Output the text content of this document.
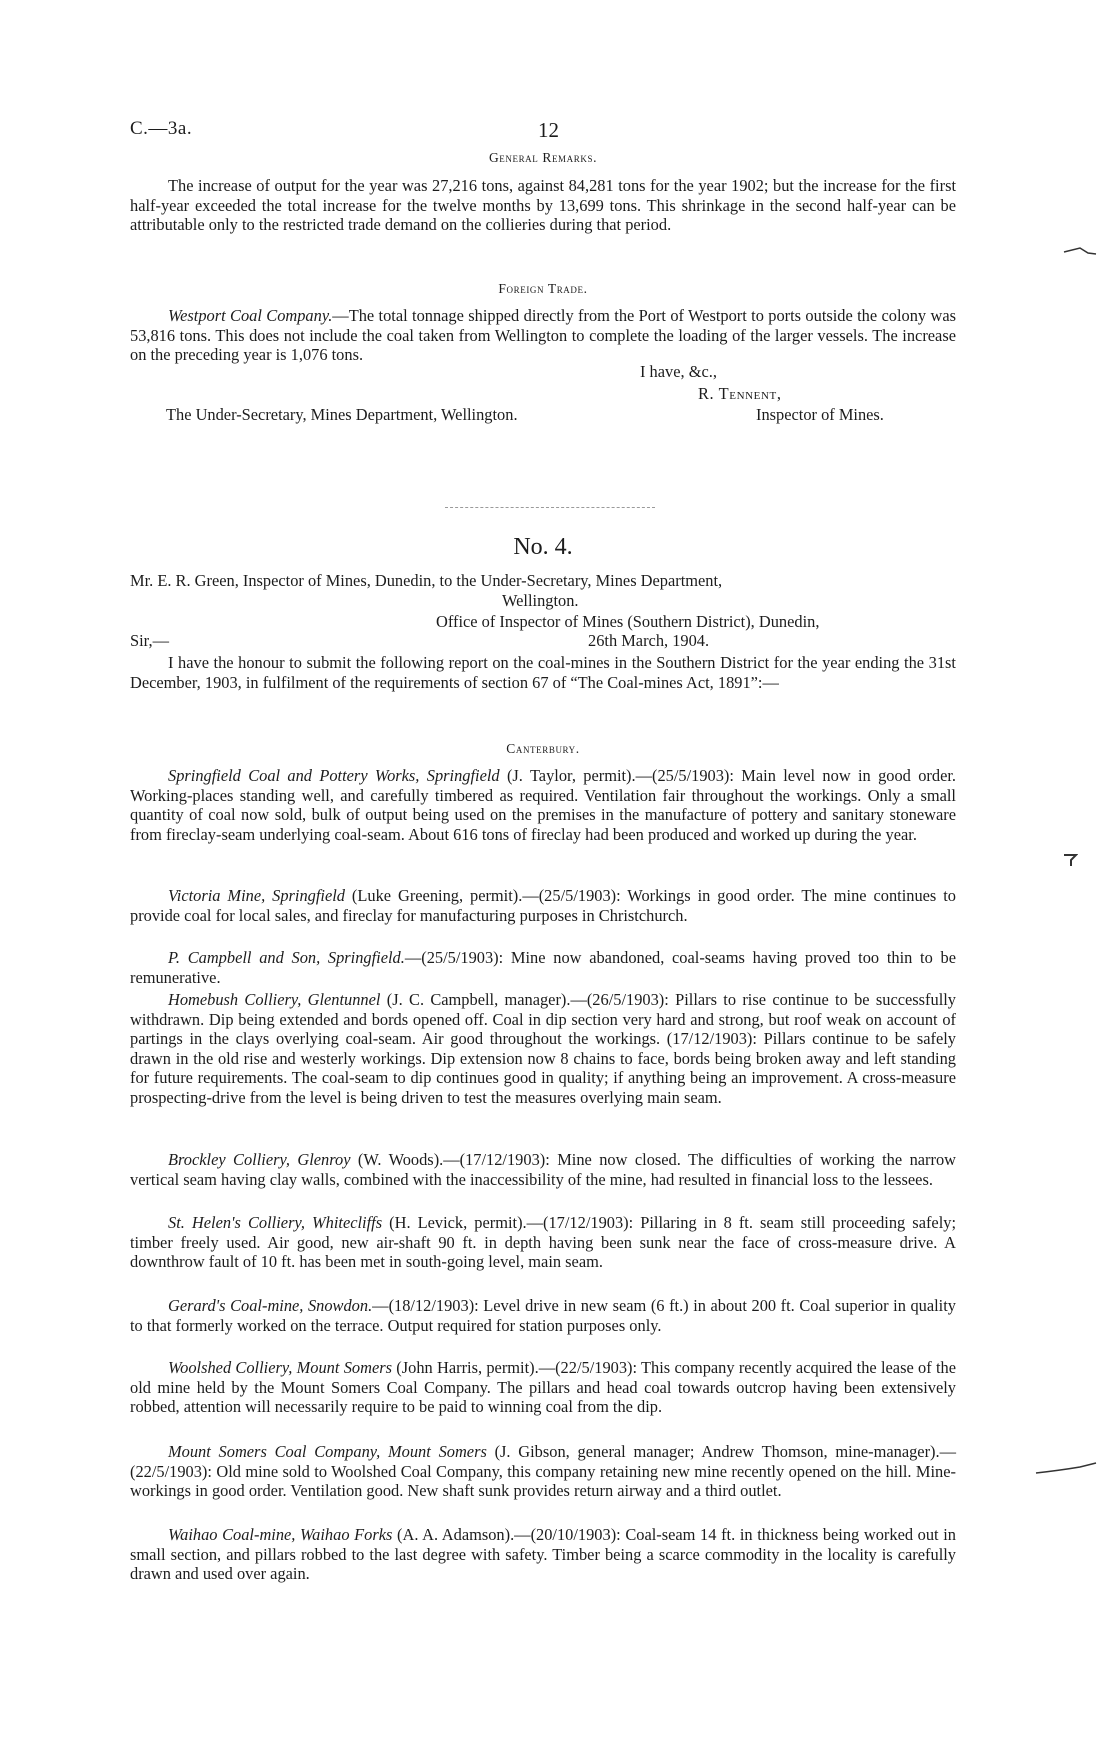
C.—3a.	12
General Remarks.

The increase of output for the year was 27,216 tons, against 84,281 tons for the year 1902; but the increase for the first half-year exceeded the total increase for the twelve months by 13,699 tons. This shrinkage in the second half-year can be attributable only to the restricted trade demand on the collieries during that period.

Foreign Trade.

Westport Coal Company.—The total tonnage shipped directly from the Port of Westport to ports outside the colony was 53,816 tons. This does not include the coal taken from Wellington to complete the loading of the larger vessels. The increase on the preceding year is 1,076 tons.

I have, &c.,
R. Tennent,
The Under-Secretary, Mines Department, Wellington.	Inspector of Mines.
No. 4.
Mr. E. R. Green, Inspector of Mines, Dunedin, to the Under-Secretary, Mines Department,
Wellington.
Office of Inspector of Mines (Southern District), Dunedin,
Sir,—	26th March, 1904.

I have the honour to submit the following report on the coal-mines in the Southern District for the year ending the 31st December, 1903, in fulfilment of the requirements of section 67 of “The Coal-mines Act, 1891”:—

Canterbury.

Springfield Coal and Pottery Works, Springfield (J. Taylor, permit).—(25/5/1903): Main level now in good order. Working-places standing well, and carefully timbered as required. Ventilation fair throughout the workings. Only a small quantity of coal now sold, bulk of output being used on the premises in the manufacture of pottery and sanitary stoneware from fireclay-seam underlying coal-seam. About 616 tons of fireclay had been produced and worked up during the year.

Victoria Mine, Springfield (Luke Greening, permit).—(25/5/1903): Workings in good order. The mine continues to provide coal for local sales, and fireclay for manufacturing purposes in Christchurch.

P. Campbell and Son, Springfield.—(25/5/1903): Mine now abandoned, coal-seams having proved too thin to be remunerative.

Homebush Colliery, Glentunnel (J. C. Campbell, manager).—(26/5/1903): Pillars to rise continue to be successfully withdrawn. Dip being extended and bords opened off. Coal in dip section very hard and strong, but roof weak on account of partings in the clays overlying coal-seam. Air good throughout the workings. (17/12/1903): Pillars continue to be safely drawn in the old rise and westerly workings. Dip extension now 8 chains to face, bords being broken away and left standing for future requirements. The coal-seam to dip continues good in quality; if anything being an improvement. A cross-measure prospecting-drive from the level is being driven to test the measures overlying main seam.

Brockley Colliery, Glenroy (W. Woods).—(17/12/1903): Mine now closed. The difficulties of working the narrow vertical seam having clay walls, combined with the inaccessibility of the mine, had resulted in financial loss to the lessees.

St. Helen's Colliery, Whitecliffs (H. Levick, permit).—(17/12/1903): Pillaring in 8 ft. seam still proceeding safely; timber freely used. Air good, new air-shaft 90 ft. in depth having been sunk near the face of cross-measure drive. A downthrow fault of 10 ft. has been met in south-going level, main seam.

Gerard's Coal-mine, Snowdon.—(18/12/1903): Level drive in new seam (6 ft.) in about 200 ft. Coal superior in quality to that formerly worked on the terrace. Output required for station purposes only.

Woolshed Colliery, Mount Somers (John Harris, permit).—(22/5/1903): This company recently acquired the lease of the old mine held by the Mount Somers Coal Company. The pillars and head coal towards outcrop having been extensively robbed, attention will necessarily require to be paid to winning coal from the dip.

Mount Somers Coal Company, Mount Somers (J. Gibson, general manager; Andrew Thomson, mine-manager).—(22/5/1903): Old mine sold to Woolshed Coal Company, this company retaining new mine recently opened on the hill. Mine-workings in good order. Ventilation good. New shaft sunk provides return airway and a third outlet.

Waihao Coal-mine, Waihao Forks (A. A. Adamson).—(20/10/1903): Coal-seam 14 ft. in thickness being worked out in small section, and pillars robbed to the last degree with safety. Timber being a scarce commodity in the locality is carefully drawn and used over again.
